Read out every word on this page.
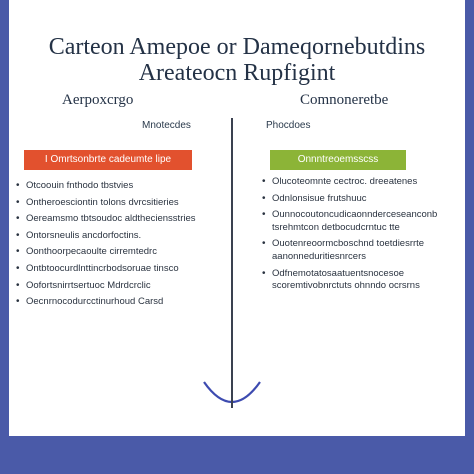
Carteon Amepoe or Dameqornebutdins
Areateocn Rupfigint
Aerpoxcrgo	Comnoneretbe
Mnotecdes	Phocdoes
I Omrtsonbrte cadeumte lipe	Onnntreoemsscss
• Otcoouin fnthodo tbstvies
• Ontheroesciontin tolons dvrcsitieries
• Oereamsmo tbtsoudoc aldtheciensstries
• Ontorsneulis ancdorfoctins.
• Oonthoorpecaoulte cirremtedrc
• Ontbtoocurdlnttincrbodsoruae tinsco
• Oofortsnirrtsertuoc Mdrdcrclic
• Oecnrnocodurcctinurhoud Carsd
• Olucoteomnte cectroc. dreeatenes
• Odnlonsisue frutshuuc
• Ounnocoutoncudicaonnderceseanconb tsrehmtcon detbocudcrntuc tte
• Ouotenreoormcboschnd toetdiesrrte aanonneduritiesnrcers
• Odfnemotatosaatuentsnocesoe scoremtivobnrctuts ohnndo ocrsrns
